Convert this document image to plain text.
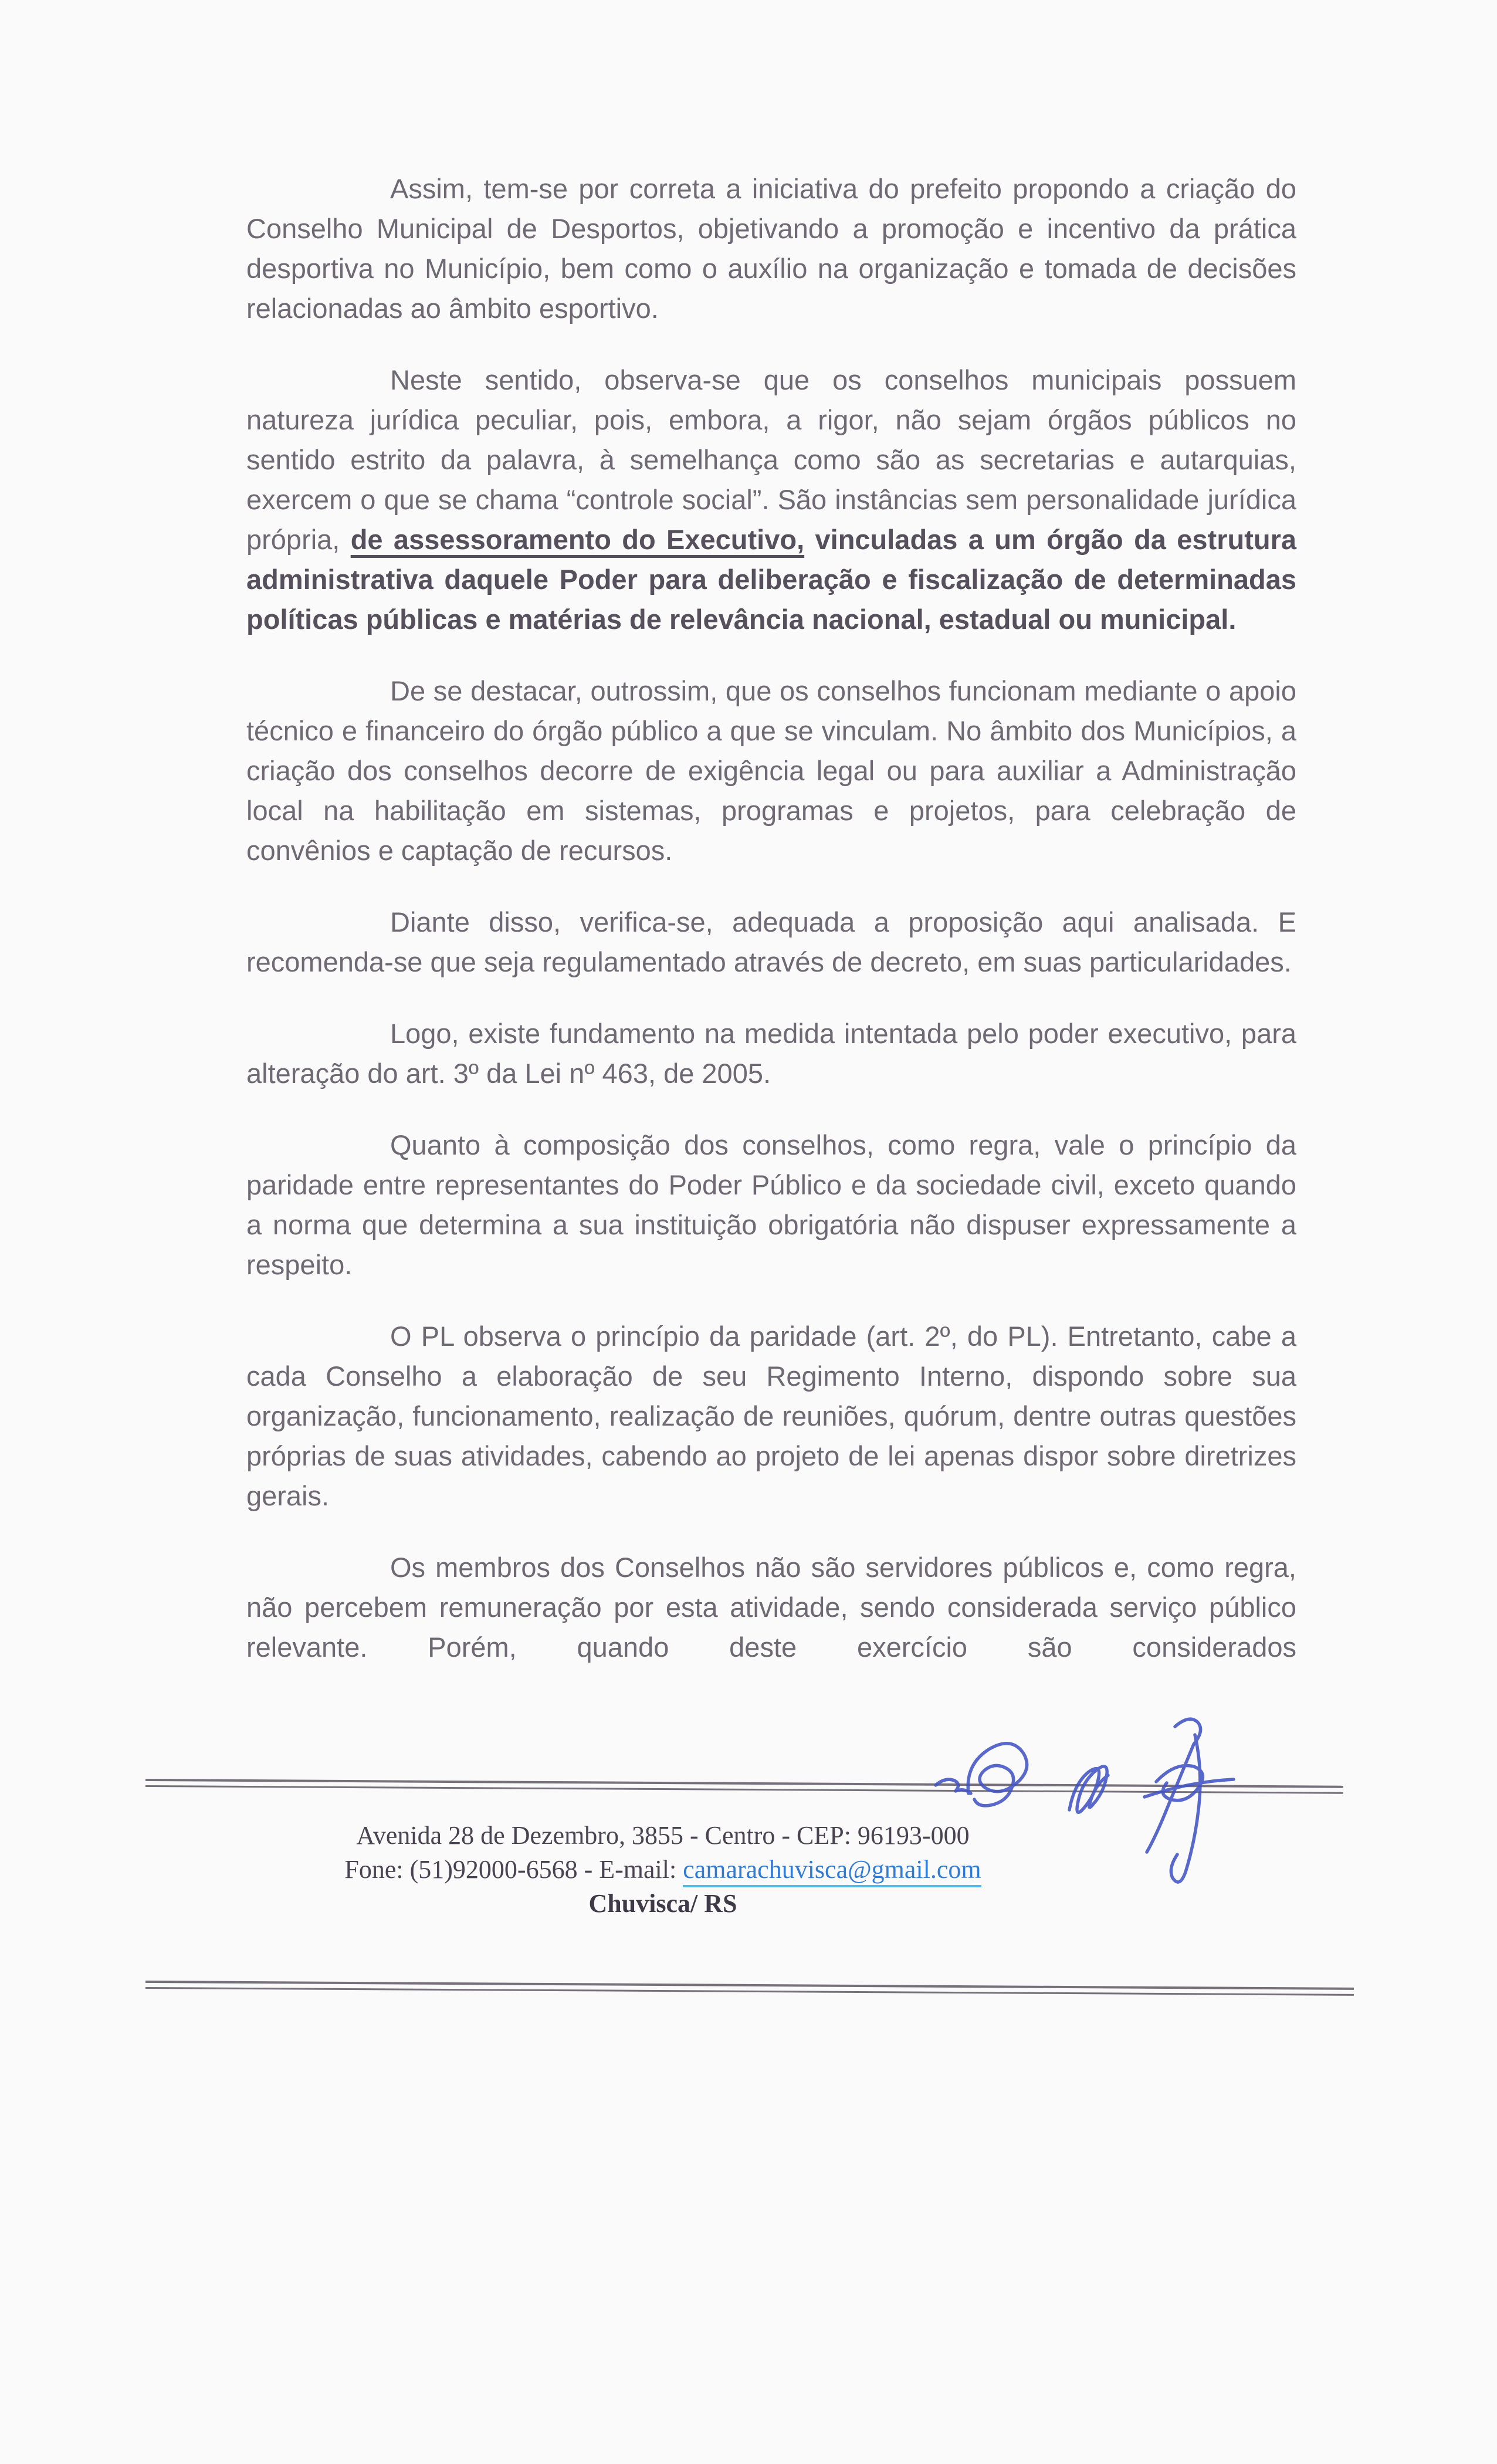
Assim, tem-se por correta a iniciativa do prefeito propondo a criação do Conselho Municipal de Desportos, objetivando a promoção e incentivo da prática desportiva no Município, bem como o auxílio na organização e tomada de decisões relacionadas ao âmbito esportivo.

Neste sentido, observa-se que os conselhos municipais possuem natureza jurídica peculiar, pois, embora, a rigor, não sejam órgãos públicos no sentido estrito da palavra, à semelhança como são as secretarias e autarquias, exercem o que se chama “controle social”. São instâncias sem personalidade jurídica própria, de assessoramento do Executivo, vinculadas a um órgão da estrutura administrativa daquele Poder para deliberação e fiscalização de determinadas políticas públicas e matérias de relevância nacional, estadual ou municipal.

De se destacar, outrossim, que os conselhos funcionam mediante o apoio técnico e financeiro do órgão público a que se vinculam. No âmbito dos Municípios, a criação dos conselhos decorre de exigência legal ou para auxiliar a Administração local na habilitação em sistemas, programas e projetos, para celebração de convênios e captação de recursos.

Diante disso, verifica-se, adequada a proposição aqui analisada. E recomenda-se que seja regulamentado através de decreto, em suas particularidades.

Logo, existe fundamento na medida intentada pelo poder executivo, para alteração do art. 3º da Lei nº 463, de 2005.

Quanto à composição dos conselhos, como regra, vale o princípio da paridade entre representantes do Poder Público e da sociedade civil, exceto quando a norma que determina a sua instituição obrigatória não dispuser expressamente a respeito.

O PL observa o princípio da paridade (art. 2º, do PL). Entretanto, cabe a cada Conselho a elaboração de seu Regimento Interno, dispondo sobre sua organização, funcionamento, realização de reuniões, quórum, dentre outras questões próprias de suas atividades, cabendo ao projeto de lei apenas dispor sobre diretrizes gerais.

Os membros dos Conselhos não são servidores públicos e, como regra, não percebem remuneração por esta atividade, sendo considerada serviço público relevante. Porém, quando deste exercício são considerados

Avenida 28 de Dezembro, 3855 - Centro - CEP: 96193-000
Fone: (51)92000-6568 - E-mail: camarachuvisca@gmail.com
Chuvisca/ RS
